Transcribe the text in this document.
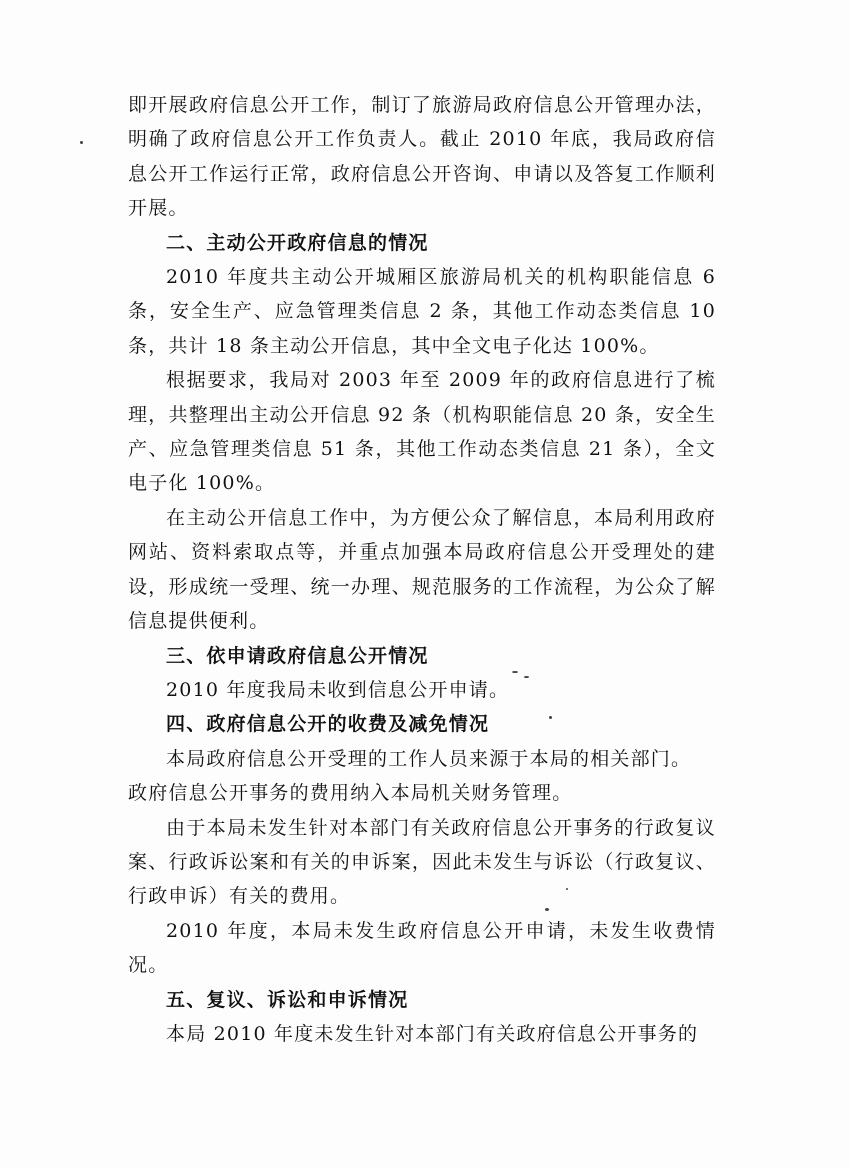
即开展政府信息公开工作，制订了旅游局政府信息公开管理办法，明确了政府信息公开工作负责人。截止 2010 年底，我局政府信息公开工作运行正常，政府信息公开咨询、申请以及答复工作顺利开展。

二、主动公开政府信息的情况

2010 年度共主动公开城厢区旅游局机关的机构职能信息 6 条，安全生产、应急管理类信息 2 条，其他工作动态类信息 10 条，共计 18 条主动公开信息，其中全文电子化达 100%。

根据要求，我局对 2003 年至 2009 年的政府信息进行了梳理，共整理出主动公开信息 92 条（机构职能信息 20 条，安全生产、应急管理类信息 51 条，其他工作动态类信息 21 条），全文电子化 100%。

在主动公开信息工作中，为方便公众了解信息，本局利用政府网站、资料索取点等，并重点加强本局政府信息公开受理处的建设，形成统一受理、统一办理、规范服务的工作流程，为公众了解信息提供便利。

三、依申请政府信息公开情况

2010 年度我局未收到信息公开申请。

四、政府信息公开的收费及减免情况

本局政府信息公开受理的工作人员来源于本局的相关部门。

政府信息公开事务的费用纳入本局机关财务管理。

由于本局未发生针对本部门有关政府信息公开事务的行政复议案、行政诉讼案和有关的申诉案，因此未发生与诉讼（行政复议、行政申诉）有关的费用。

2010 年度，本局未发生政府信息公开申请，未发生收费情况。

五、复议、诉讼和申诉情况

本局 2010 年度未发生针对本部门有关政府信息公开事务的
